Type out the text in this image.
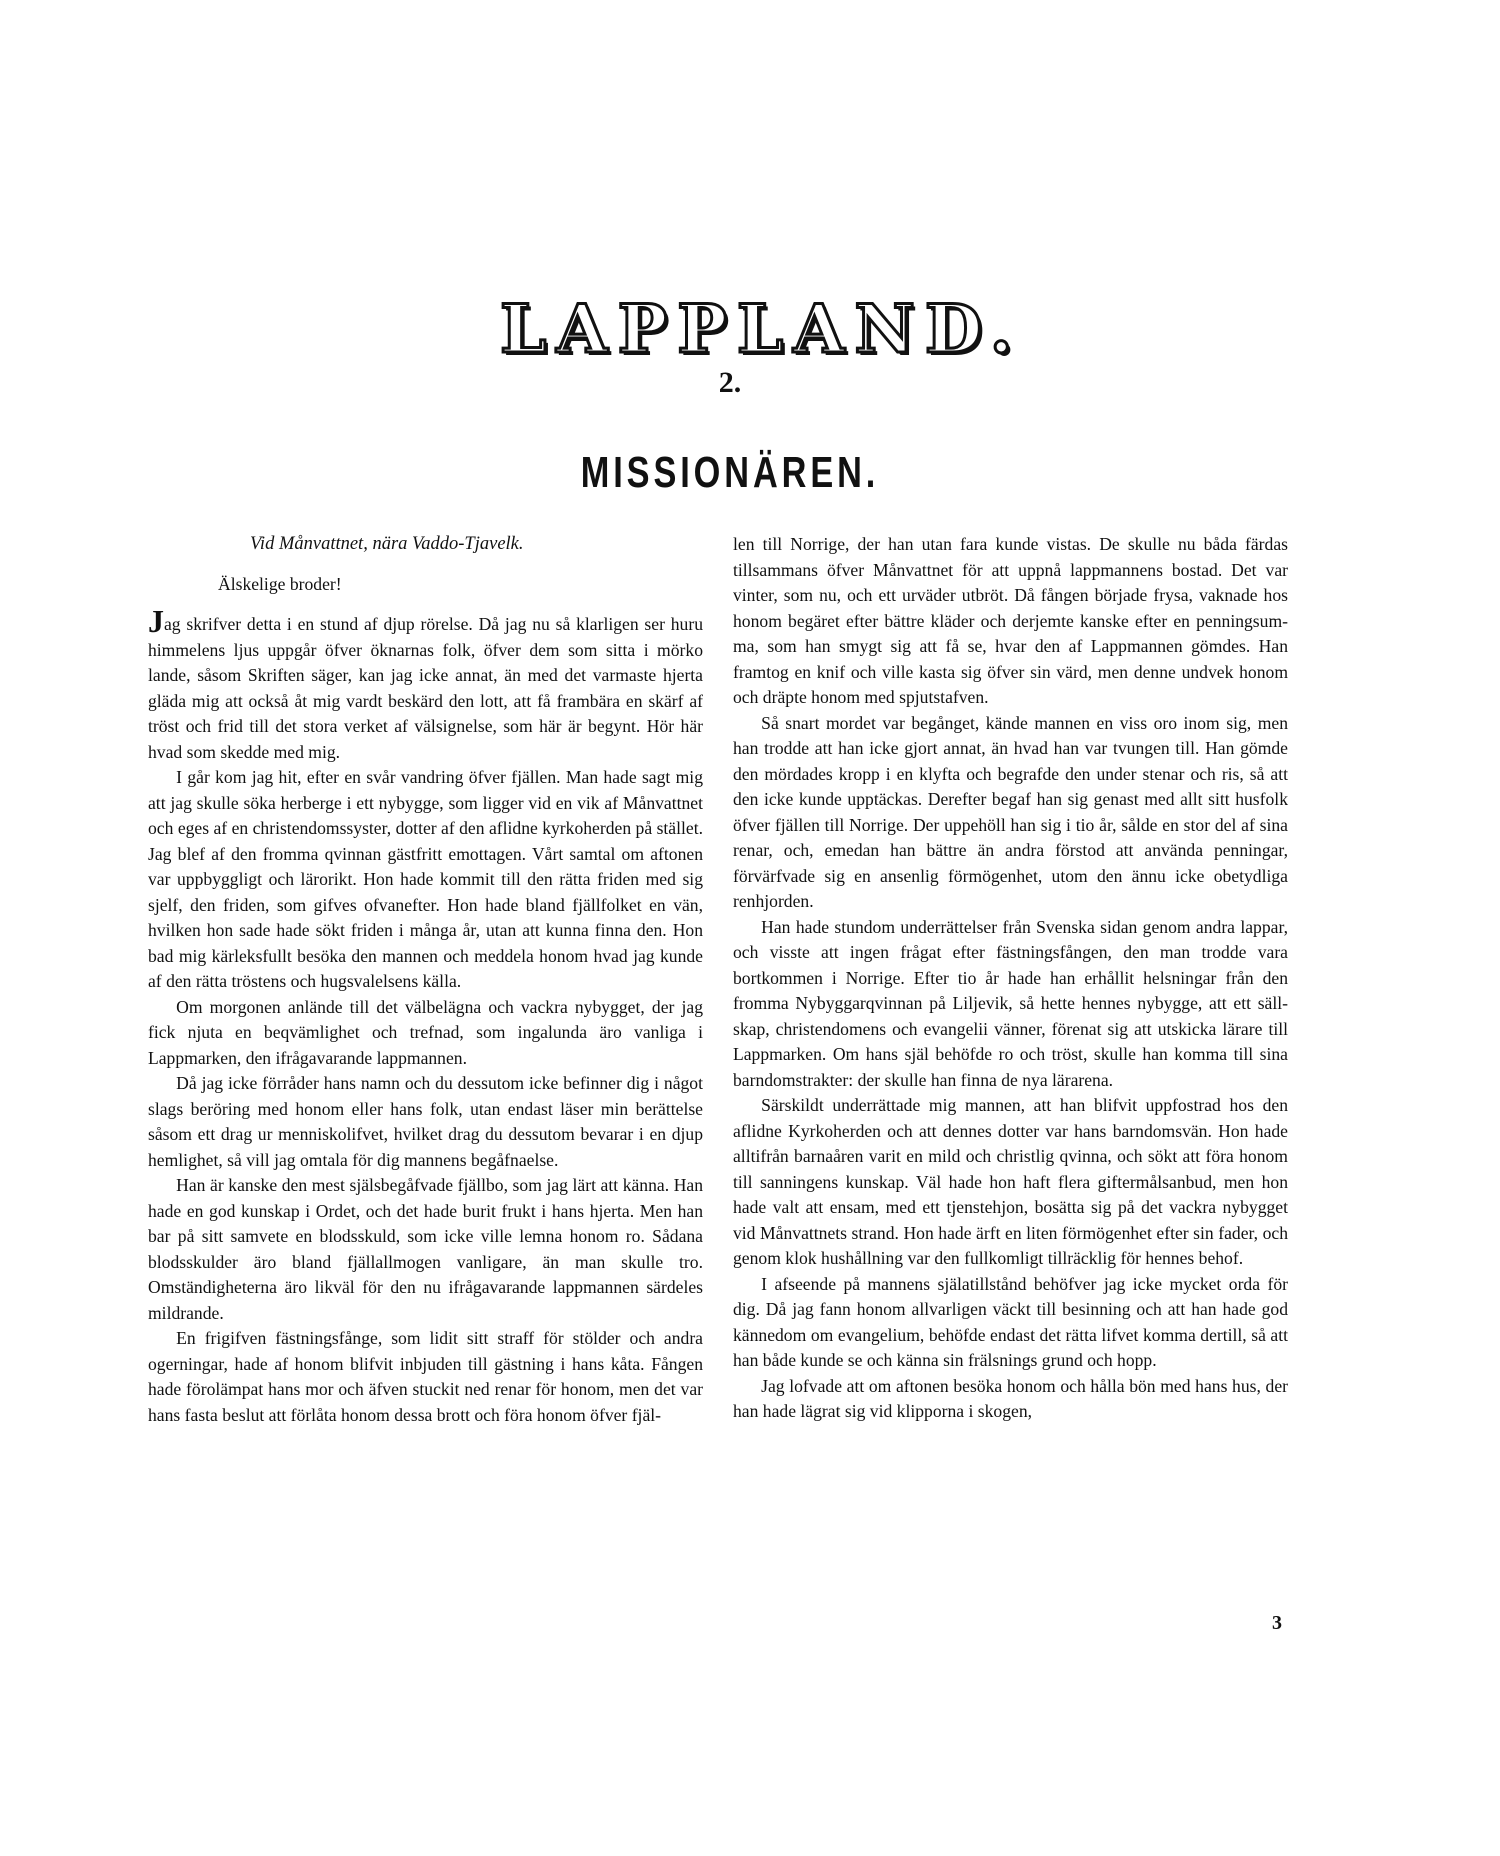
LAPPLAND.
2.
MISSIONÄREN.
Vid Månvattnet, nära Vaddo-Tjavelk.
Älskelige broder!

Jag skrifver detta i en stund af djup rörelse. Då jag nu så klarligen ser huru himmelens ljus uppgår öfver öknarnas folk, öfver dem som sitta i mörko lande, såsom Skriften säger, kan jag icke annat, än med det varmaste hjerta gläda mig att också åt mig vardt beskärd den lott, att få frambära en skärf af tröst och frid till det stora verket af välsignelse, som här är begynt. Hör här hvad som skedde med mig.

I går kom jag hit, efter en svår vandring öfver fjällen. Man hade sagt mig att jag skulle söka herberge i ett nybygge, som ligger vid en vik af Månvattnet och eges af en christendomssyster, dotter af den aflidne kyrkoherden på stället. Jag blef af den fromma qvinnan gästfritt emottagen. Vårt samtal om aftonen var uppbyggligt och lärorikt. Hon hade kommit till den rätta friden med sig sjelf, den friden, som gifves ofvanefter. Hon hade bland fjällfolket en vän, hvilken hon sade hade sökt friden i många år, utan att kunna finna den. Hon bad mig kärleksfullt besöka den mannen och meddela honom hvad jag kunde af den rätta tröstens och hugsvalelsens källa.

Om morgonen anlände till det välbelägna och vackra nybygget, der jag fick njuta en beqvämlighet och trefnad, som ingalunda äro vanliga i Lappmarken, den ifrågavarande lappmannen.

Då jag icke förråder hans namn och du dessutom icke befinner dig i något slags beröring med honom eller hans folk, utan endast läser min berättelse såsom ett drag ur menniskolifvet, hvilket drag du dessutom bevarar i en djup hemlighet, så vill jag omtala för dig mannens begåfnaelse.

Han är kanske den mest själsbegåfvade fjällbo, som jag lärt att känna. Han hade en god kunskap i Ordet, och det hade burit frukt i hans hjerta. Men han bar på sitt samvete en blodsskuld, som icke ville lemna honom ro. Sådana blodsskulder äro bland fjällallmogen vanligare, än man skulle tro. Omständigheterna äro likväl för den nu ifrågavarande lappmannen särdeles mildrande.

En frigifven fästningsfånge, som lidit sitt straff för stölder och andra ogerningar, hade af honom blifvit inbjuden till gästning i hans kåta. Fången hade förolämpat hans mor och äfven stuckit ned renar för honom, men det var hans fasta beslut att förlåta honom dessa brott och föra honom öfver fjäl-

len till Norrige, der han utan fara kunde vistas. De skulle nu båda färdas tillsammans öfver Månvattnet för att uppnå lappmannens bostad. Det var vinter, som nu, och ett urväder utbröt. Då fången började frysa, vaknade hos honom begäret efter bättre kläder och derjemte kanske efter en penningsumma, som han smygt sig att få se, hvar den af Lappmannen gömdes. Han framtog en knif och ville kasta sig öfver sin värd, men denne undvek honom och dräpte honom med spjutstafven.

Så snart mordet var begånget, kände mannen en viss oro inom sig, men han trodde att han icke gjort annat, än hvad han var tvungen till. Han gömde den mördades kropp i en klyfta och begrafde den under stenar och ris, så att den icke kunde upptäckas. Derefter begaf han sig genast med allt sitt husfolk öfver fjällen till Norrige. Der uppehöll han sig i tio år, sålde en stor del af sina renar, och, emedan han bättre än andra förstod att använda penningar, förvärfvade sig en ansenlig förmögenhet, utom den ännu icke obetydliga renhjorden.

Han hade stundom underrättelser från Svenska sidan genom andra lappar, och visste att ingen frågat efter fästningsfången, den man trodde vara bortkommen i Norrige. Efter tio år hade han erhållit helsningar från den fromma Nybyggarqvinnan på Liljevik, så hette hennes nybygge, att ett sällskap, christendomens och evangelii vänner, förenat sig att utskicka lärare till Lappmarken. Om hans själ behöfde ro och tröst, skulle han komma till sina barndomstrakter: der skulle han finna de nya lärarena.

Särskildt underrättade mig mannen, att han blifvit uppfostrad hos den aflidne Kyrkoherden och att dennes dotter var hans barndomsvän. Hon hade alltifrån barnaåren varit en mild och christlig qvinna, och sökt att föra honom till sanningens kunskap. Väl hade hon haft flera giftermålsanbud, men hon hade valt att ensam, med ett tjenstehjon, bosätta sig på det vackra nybygget vid Månvattnets strand. Hon hade ärft en liten förmögenhet efter sin fader, och genom klok hushållning var den fullkomligt tillräcklig för hennes behof.

I afseende på mannens själatillstånd behöfver jag icke mycket orda för dig. Då jag fann honom allvarligen väckt till besinning och att han hade god kännedom om evangelium, behöfde endast det rätta lifvet komma dertill, så att han både kunde se och känna sin frälsnings grund och hopp.

Jag lofvade att om aftonen besöka honom och hålla bön med hans hus, der han hade lägrat sig vid klipporna i skogen,

3
